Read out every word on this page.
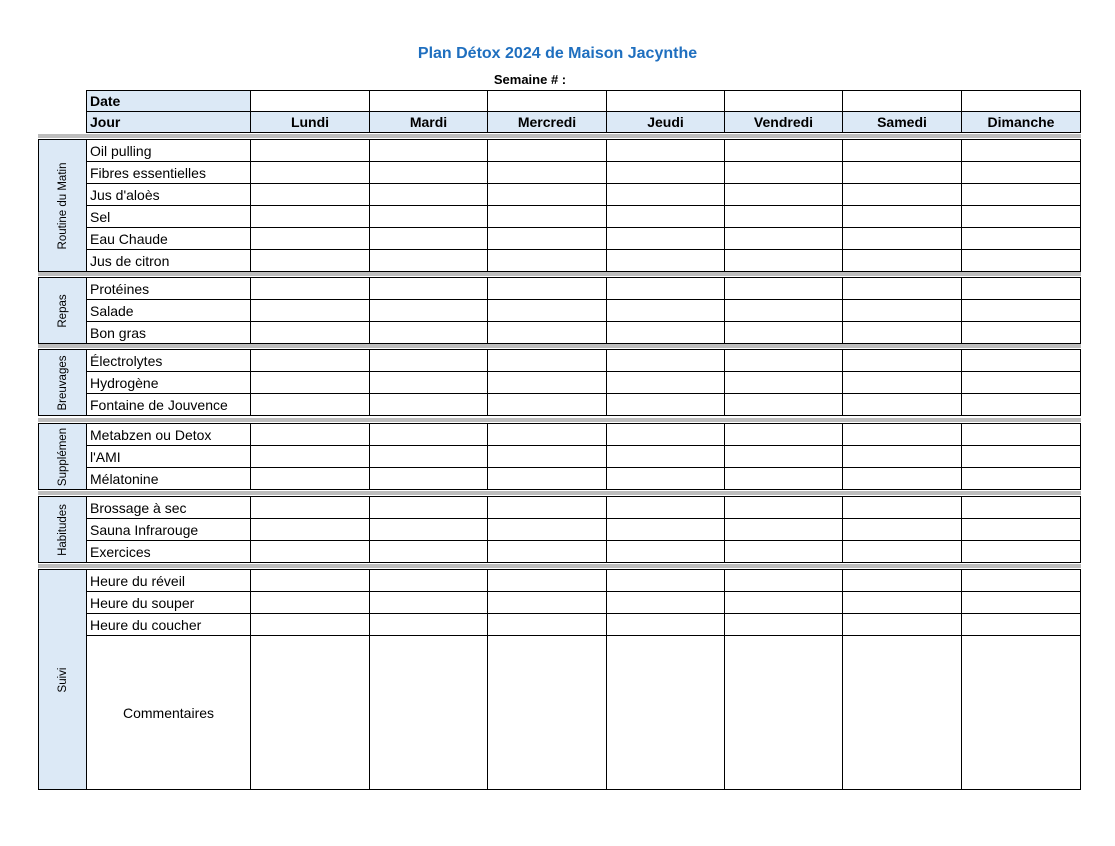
Plan Détox 2024 de Maison Jacynthe
Semaine # :
Date							
Jour	Lundi	Mardi	Mercredi	Jeudi	Vendredi	Samedi	Dimanche
Routine du Matin	Oil pulling							
	Fibres essentielles							
	Jus d'aloès							
	Sel							
	Eau Chaude							
	Jus de citron							
Repas	Protéines							
	Salade							
	Bon gras							
Breuvages	Électrolytes							
	Hydrogène							
	Fontaine de Jouvence							
Supplémen	Metabzen ou Detox							
	l'AMI							
	Mélatonine							
Habitudes	Brossage à sec							
	Sauna Infrarouge							
	Exercices							
Suivi	Heure du réveil							
	Heure du souper							
	Heure du coucher							
	Commentaires							
